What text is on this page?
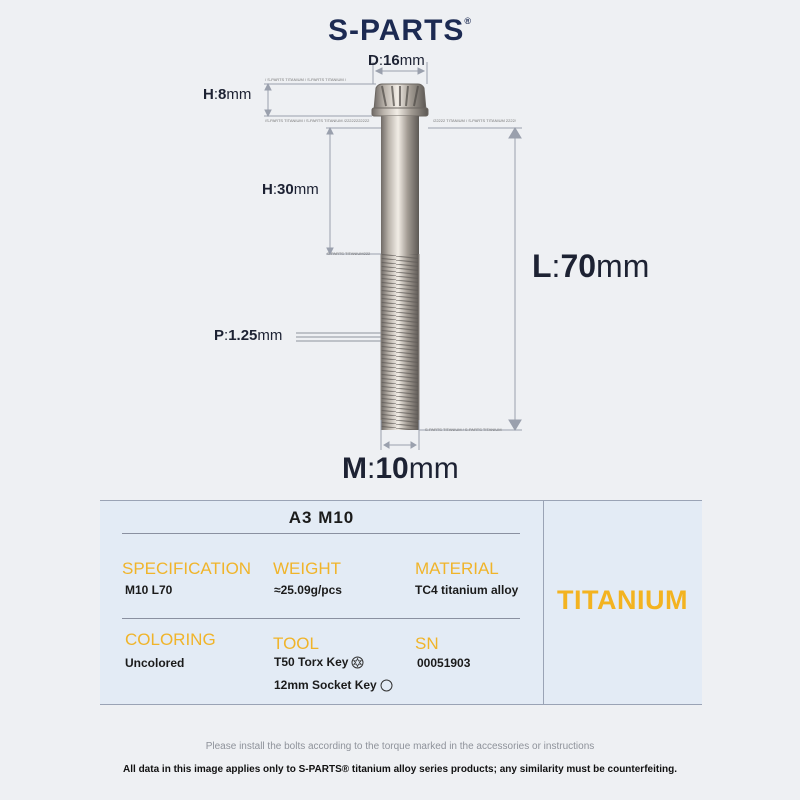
S-PARTS®
/ S-PARTS TITANIUM / S-PARTS TITANIUM /
/S-PARTS TITANIUM / S-PARTS TITANIUM /22222222222	/22222 TITANIUM / S-PARTS TITANIUM 2222/
S-PARTS TITANIUM222
S-PARTS TITANIUM / S-PARTS TITANIUM
D:16mm
H:8mm
H:30mm
P:1.25mm
L:70mm
M:10mm
A3 M10
SPECIFICATION
M10 L70
WEIGHT
≈25.09g/pcs
MATERIAL
TC4 titanium alloy
COLORING
Uncolored
TOOL
T50 Torx Key
12mm Socket Key
SN
00051903
TITANIUM
Please install the bolts according to the torque marked in the accessories or instructions
All data in this image applies only to S-PARTS® titanium alloy series products; any similarity must be counterfeiting.
